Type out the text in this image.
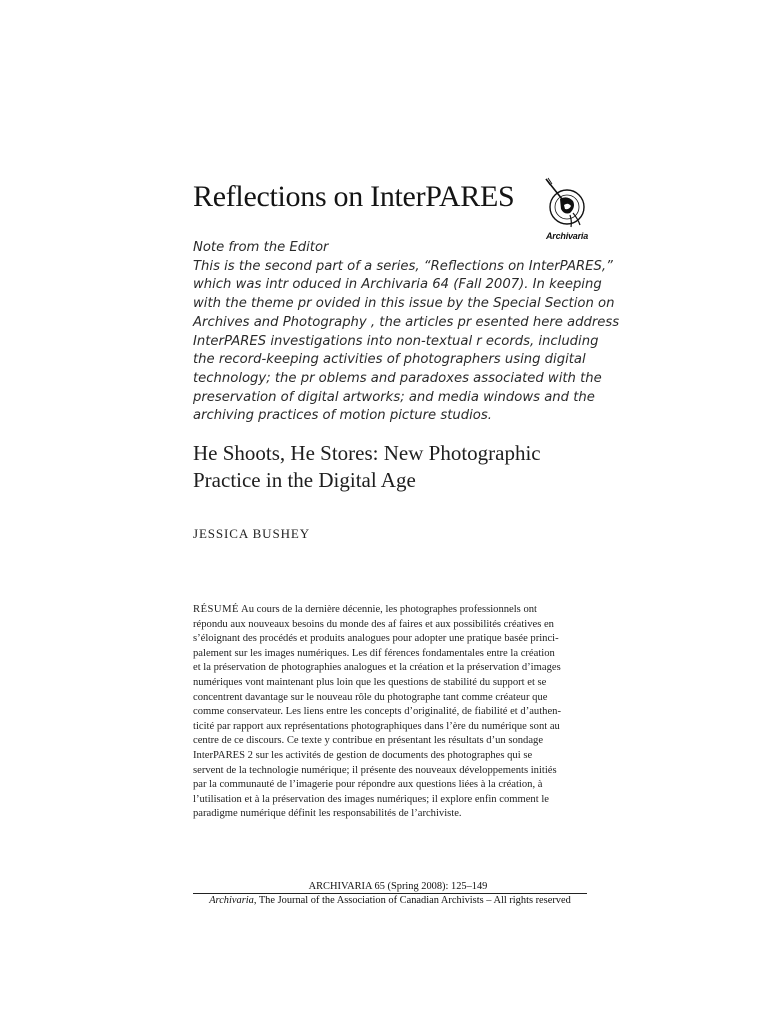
Reflections on InterPARES
Archivaria

Note from the Editor

This is the second part of a series, “Reflections on InterPARES,”

which was intr oduced in Archivaria 64 (Fall 2007). In keeping

with the theme pr ovided in this issue by the Special Section on

Archives and Photography , the articles pr esented here address

InterPARES investigations into non-textual r ecords, including

the record-keeping activities of photographers using digital

technology; the pr oblems and paradoxes associated with the

preservation of digital artworks; and media windows and the

archiving practices of motion picture studios.

He Shoots, He Stores: New Photographic
Practice in the Digital Age
JESSICA BUSHEY

RÉSUMÉ Au cours de la dernière décennie, les photographes professionnels ont

répondu aux nouveaux besoins du monde des af faires et aux possibilités créatives en

s’éloignant des procédés et produits analogues pour adopter une pratique basée princi-

palement sur les images numériques. Les dif férences fondamentales entre la création

et la préservation de photographies analogues et la création et la préservation d’images

numériques vont maintenant plus loin que les questions de stabilité du support et se

concentrent davantage sur le nouveau rôle du photographe tant comme créateur que

comme conservateur. Les liens entre les concepts d’originalité, de fiabilité et d’authen-

ticité par rapport aux représentations photographiques dans l’ère du numérique sont au

centre de ce discours. Ce texte y contribue en présentant les résultats d’un sondage

InterPARES 2 sur les activités de gestion de documents des photographes qui se

servent de la technologie numérique; il présente des nouveaux développements initiés

par la communauté de l’imagerie pour répondre aux questions liées à la création, à

l’utilisation et à la préservation des images numériques; il explore enfin comment le

paradigme numérique définit les responsabilités de l’archiviste.

ARCHIVARIA 65 (Spring 2008): 125–149
Archivaria, The Journal of the Association of Canadian Archivists – All rights reserved
